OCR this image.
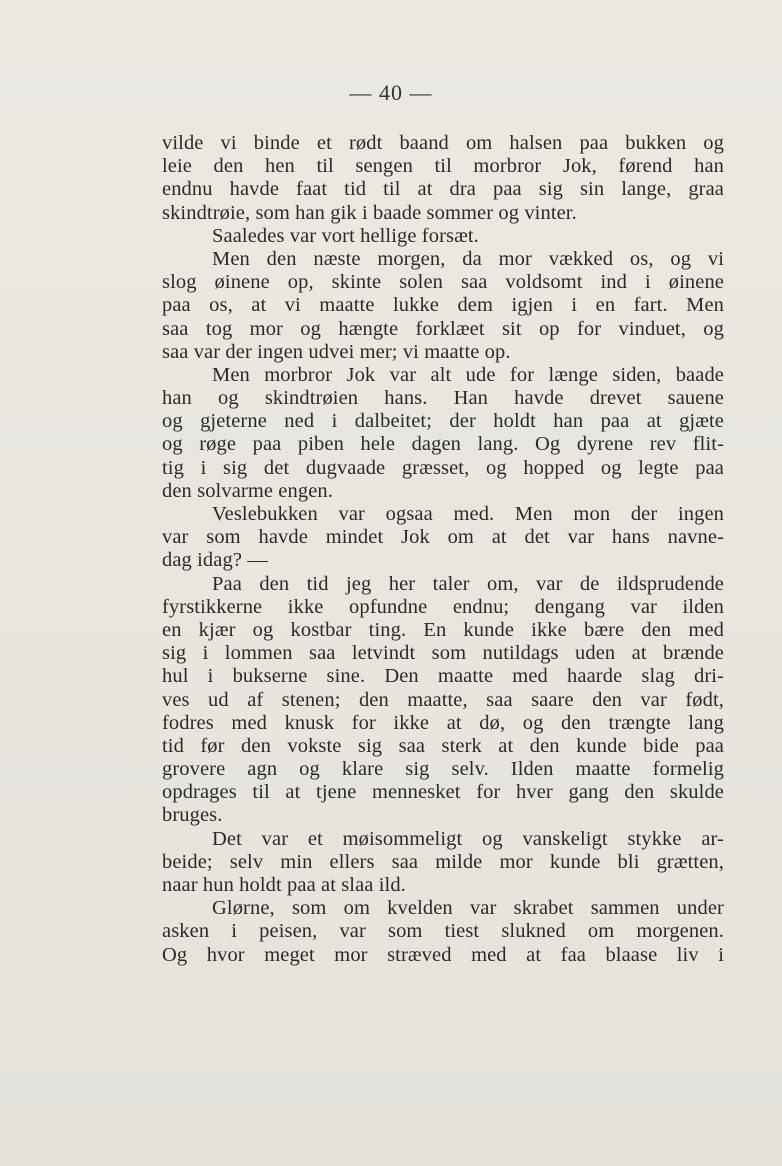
— 40 —
vilde vi binde et rødt baand om halsen paa bukken og
leie den hen til sengen til morbror Jok, førend han
endnu havde faat tid til at dra paa sig sin lange, graa
skindtrøie, som han gik i baade sommer og vinter.
Saaledes var vort hellige forsæt.
Men den næste morgen, da mor vækked os, og vi
slog øinene op, skinte solen saa voldsomt ind i øinene
paa os, at vi maatte lukke dem igjen i en fart. Men
saa tog mor og hængte forklæet sit op for vinduet, og
saa var der ingen udvei mer; vi maatte op.
Men morbror Jok var alt ude for længe siden, baade
han og skindtrøien hans. Han havde drevet sauene
og gjeterne ned i dalbeitet; der holdt han paa at gjæte
og røge paa piben hele dagen lang. Og dyrene rev flit-
tig i sig det dugvaade græsset, og hopped og legte paa
den solvarme engen.
Veslebukken var ogsaa med. Men mon der ingen
var som havde mindet Jok om at det var hans navne-
dag idag? —
Paa den tid jeg her taler om, var de ildsprudende
fyrstikkerne ikke opfundne endnu; dengang var ilden
en kjær og kostbar ting. En kunde ikke bære den med
sig i lommen saa letvindt som nutildags uden at brænde
hul i bukserne sine. Den maatte med haarde slag dri-
ves ud af stenen; den maatte, saa saare den var født,
fodres med knusk for ikke at dø, og den trængte lang
tid før den vokste sig saa sterk at den kunde bide paa
grovere agn og klare sig selv. Ilden maatte formelig
opdrages til at tjene mennesket for hver gang den skulde
bruges.
Det var et møisommeligt og vanskeligt stykke ar-
beide; selv min ellers saa milde mor kunde bli grætten,
naar hun holdt paa at slaa ild.
Glørne, som om kvelden var skrabet sammen under
asken i peisen, var som tiest slukned om morgenen.
Og hvor meget mor stræved med at faa blaase liv i
